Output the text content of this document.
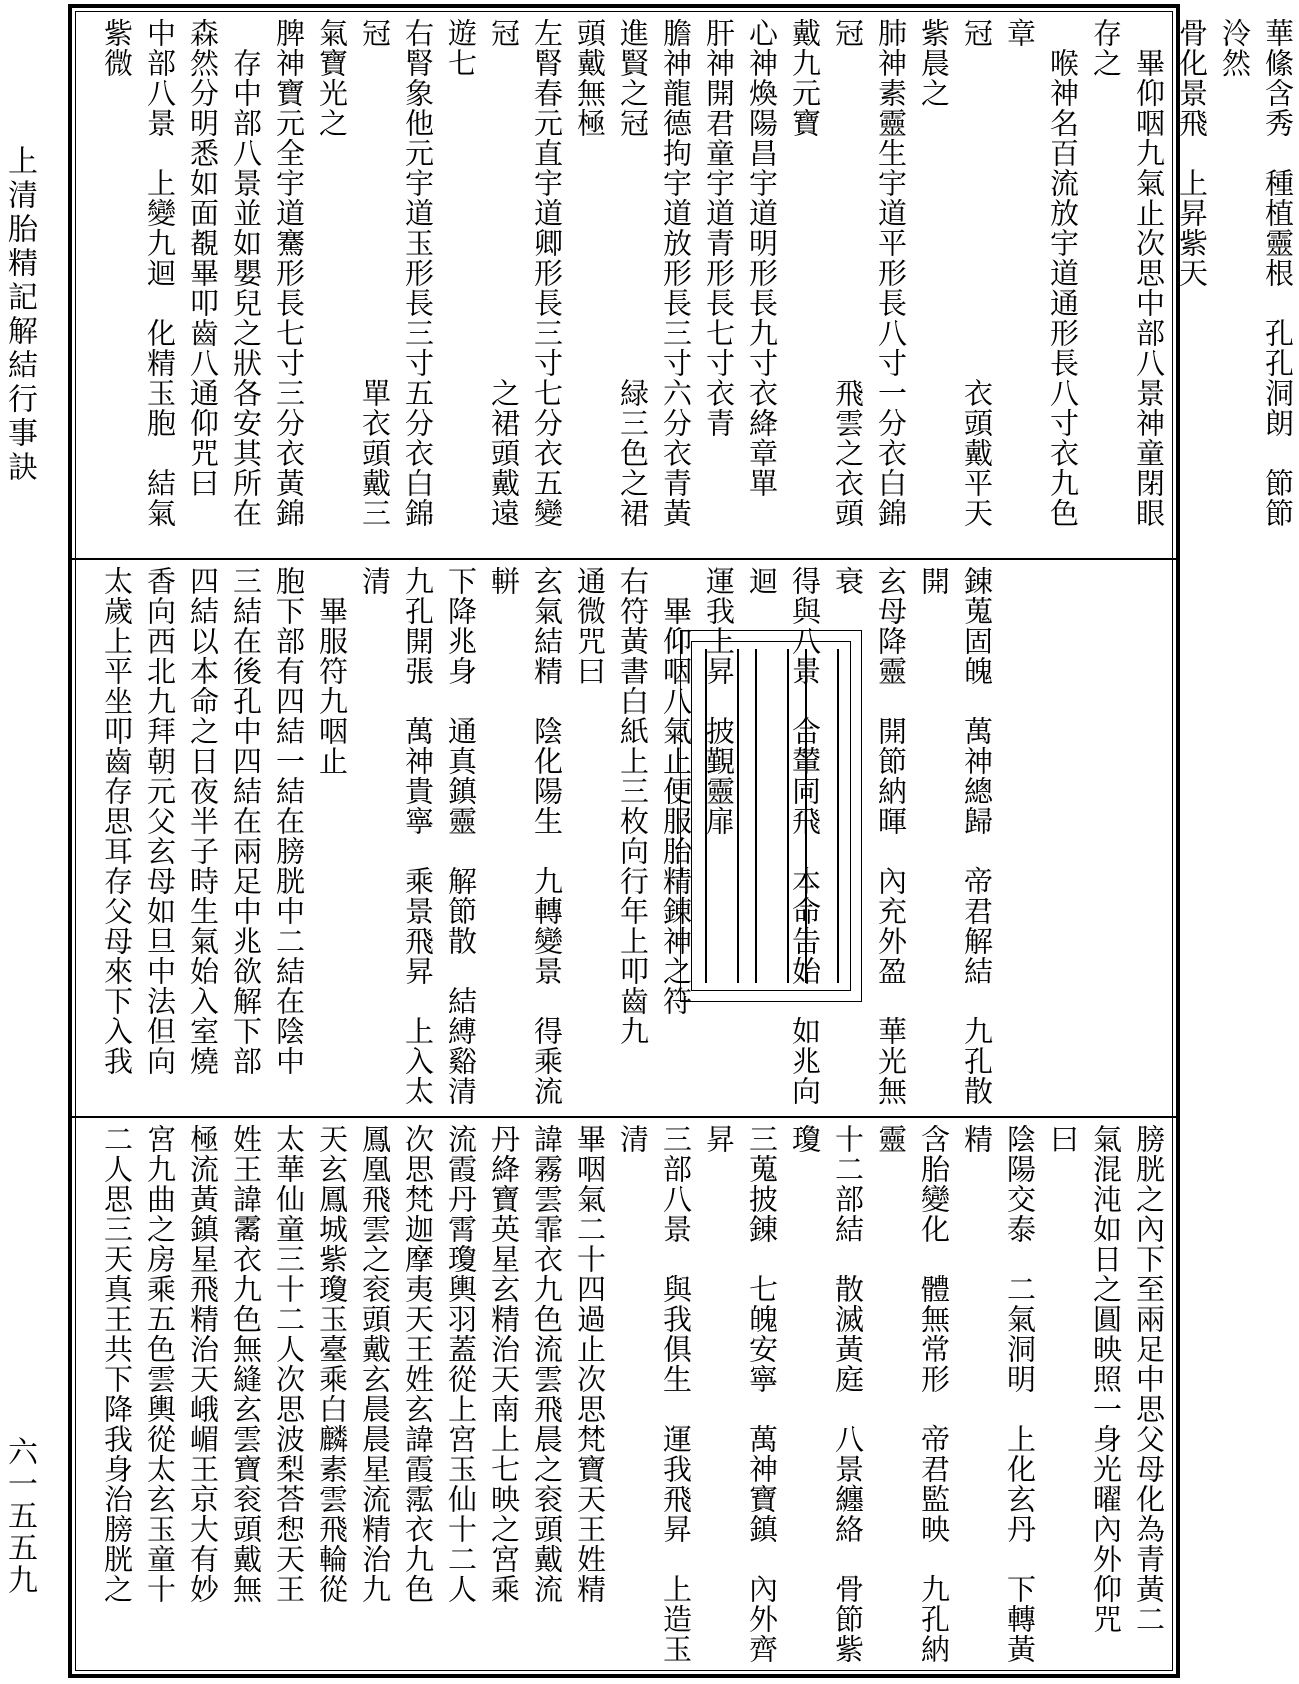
上清胎精記解結行事訣
六一五五九
華絛含秀　種植靈根　孔孔洞朗　節節泠然
骨化景飛　上昇紫天
　畢仰咽九氣止次思中部八景神童閉眼
存之
　喉神名百流放宇道通形長八寸衣九色章
冠　　　　　　　　　　　衣頭戴平天紫晨之
肺神素靈生宇道平形長八寸一分衣白錦
冠　　　　　　　　　　　飛雲之衣頭戴九元寶
心神煥陽昌宇道明形長九寸衣絳章單
肝神開君童宇道青形長七寸衣青
膽神龍德拘宇道放形長三寸六分衣青黃
進賢之冠　　　　　　　　緑三色之裙頭戴無極
左腎春元直宇道卿形長三寸七分衣五變
冠　　　　　　　　　　　之裙頭戴遠遊七
右腎象他元宇道玉形長三寸五分衣白錦
冠　　　　　　　　　　　單衣頭戴三氣寶光之
脾神寶元全宇道騫形長七寸三分衣黃錦
　存中部八景並如嬰兒之狀各安其所在
森然分明悉如面覩畢叩齒八通仰咒曰
中部八景　上變九迴　化精玉胞　結氣紫微
錬蒐固魄　萬神總歸　帝君解結　九孔散開
玄母降靈　開節納暉　內充外盈　華光無衰
得與八景　合輦同飛　本命告始　如兆向迴
運我上昇　披覲靈扉
　畢仰咽八氣止便服胎精錬神之符
右符黃書白紙上三枚向行年上叩齒九
通微咒曰
玄氣結精　陰化陽生　九轉變景　得乘流軿
下降兆身　通真鎮靈　解節散　結縛谿清
九孔開張　萬神貴寧　乘景飛昇　上入太清
　畢服符九咽止
胞下部有四結一結在膀胱中二結在陰中
三結在後孔中四結在兩足中兆欲解下部
四結以本命之日夜半子時生氣始入室燒
香向西北九拜朝元父玄母如旦中法但向
太歲上平坐叩齒存思耳存父母來下入我
膀胱之內下至兩足中思父母化為青黃二
氣混沌如日之圓映照一身光曜內外仰咒
曰
陰陽交泰　二氣洞明　上化玄丹　下轉黃精
含胎變化　體無常形　帝君監映　九孔納靈
十二部結　散滅黃庭　八景纏絡　骨節紫瓊
三蒐披錬　七魄安寧　萬神寶鎮　內外齊昇
三部八景　與我俱生　運我飛昇　上造玉清
畢咽氣二十四過止次思梵寶天王姓精
諱霧雲霏衣九色流雲飛晨之衮頭戴流
丹絳寶英星玄精治天南上七映之宮乘
流霞丹霄瓊輿羽蓋從上宮玉仙十二人
次思梵迦摩夷天王姓玄諱霞霐衣九色
鳳凰飛雲之衮頭戴玄晨晨星流精治九
天玄鳳城紫瓊玉臺乘白麟素雲飛輪從
太華仙童三十二人次思波梨荅惒天王
姓王諱霱衣九色無縫玄雲寶衮頭戴無
極流黃鎮星飛精治天峨嵋王京大有妙
宮九曲之房乘五色雲輿從太玄玉童十
二人思三天真王共下降我身治膀胱之
